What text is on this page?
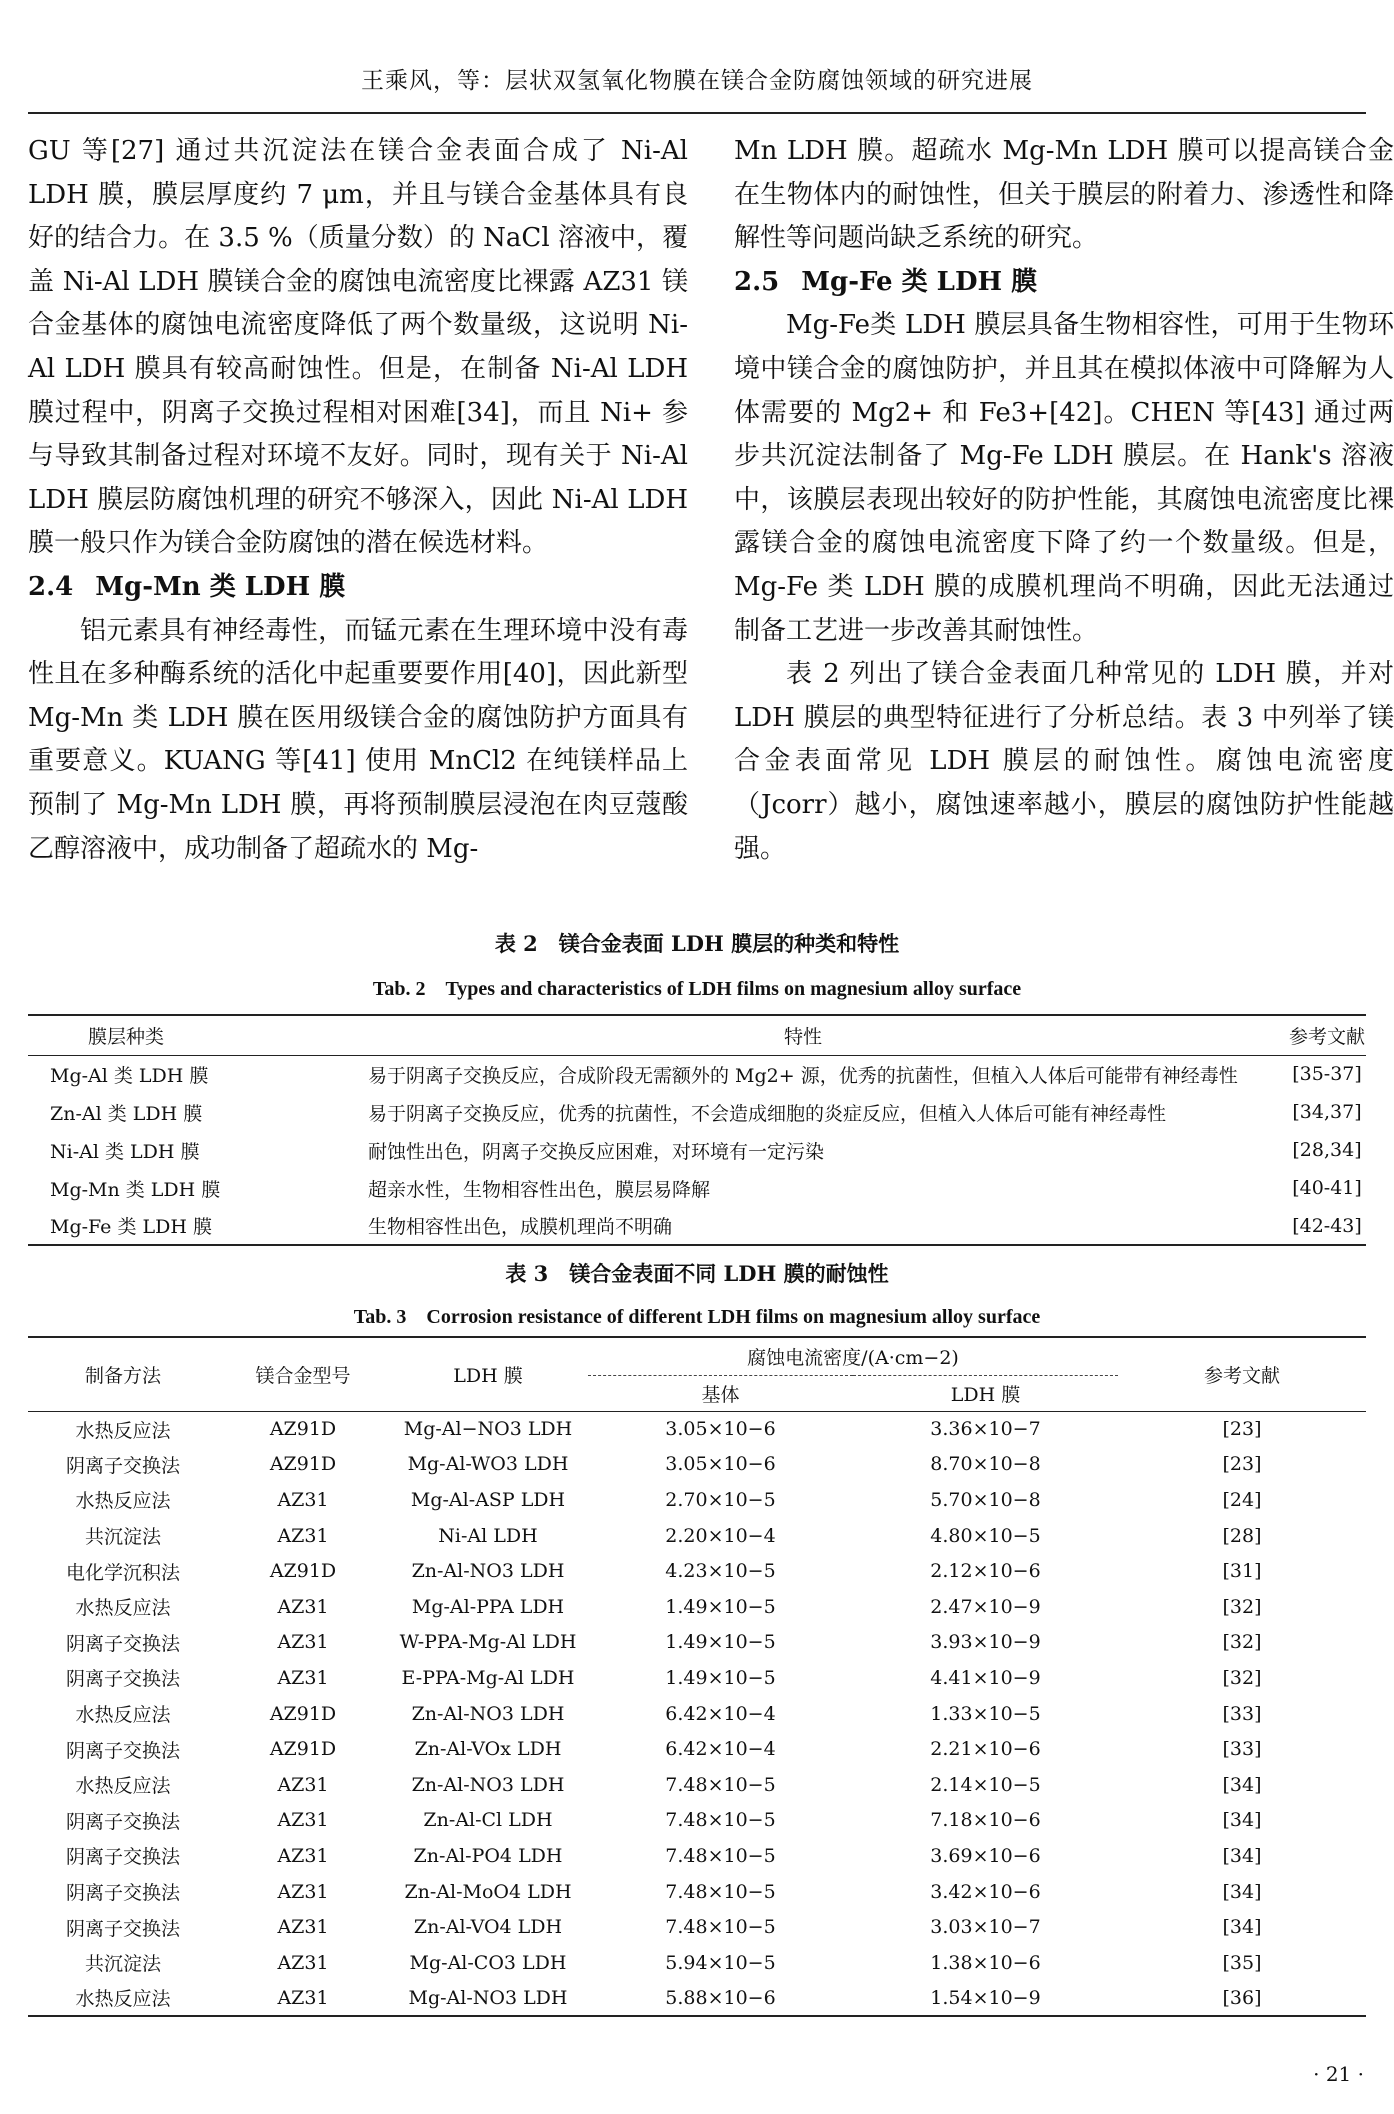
王乘风，等：层状双氢氧化物膜在镁合金防腐蚀领域的研究进展

GU 等[27] 通过共沉淀法在镁合金表面合成了 Ni-Al LDH 膜，膜层厚度约 7 μm，并且与镁合金基体具有良好的结合力。在 3.5 %（质量分数）的 NaCl 溶液中，覆盖 Ni-Al LDH 膜镁合金的腐蚀电流密度比裸露 AZ31 镁合金基体的腐蚀电流密度降低了两个数量级，这说明 Ni-Al LDH 膜具有较高耐蚀性。但是，在制备 Ni-Al LDH 膜过程中，阴离子交换过程相对困难[34]，而且 Ni+ 参与导致其制备过程对环境不友好。同时，现有关于 Ni-Al LDH 膜层防腐蚀机理的研究不够深入，因此 Ni-Al LDH 膜一般只作为镁合金防腐蚀的潜在候选材料。

2.4 Mg-Mn 类 LDH 膜

铝元素具有神经毒性，而锰元素在生理环境中没有毒性且在多种酶系统的活化中起重要要作用[40]，因此新型 Mg-Mn 类 LDH 膜在医用级镁合金的腐蚀防护方面具有重要意义。KUANG 等[41] 使用 MnCl2 在纯镁样品上预制了 Mg-Mn LDH 膜，再将预制膜层浸泡在肉豆蔻酸乙醇溶液中，成功制备了超疏水的 Mg-

Mn LDH 膜。超疏水 Mg-Mn LDH 膜可以提高镁合金在生物体内的耐蚀性，但关于膜层的附着力、渗透性和降解性等问题尚缺乏系统的研究。

2.5 Mg-Fe 类 LDH 膜

Mg-Fe类 LDH 膜层具备生物相容性，可用于生物环境中镁合金的腐蚀防护，并且其在模拟体液中可降解为人体需要的 Mg2+ 和 Fe3+[42]。CHEN 等[43] 通过两步共沉淀法制备了 Mg-Fe LDH 膜层。在 Hank's 溶液中，该膜层表现出较好的防护性能，其腐蚀电流密度比裸露镁合金的腐蚀电流密度下降了约一个数量级。但是，Mg-Fe 类 LDH 膜的成膜机理尚不明确，因此无法通过制备工艺进一步改善其耐蚀性。

表 2 列出了镁合金表面几种常见的 LDH 膜，并对 LDH 膜层的典型特征进行了分析总结。表 3 中列举了镁合金表面常见 LDH 膜层的耐蚀性。腐蚀电流密度（Jcorr）越小，腐蚀速率越小，膜层的腐蚀防护性能越强。

表 2　镁合金表面 LDH 膜层的种类和特性
Tab. 2　Types and characteristics of LDH films on magnesium alloy surface
膜层种类	特性	参考文献
Mg-Al 类 LDH 膜	易于阴离子交换反应，合成阶段无需额外的 Mg2+ 源，优秀的抗菌性，但植入人体后可能带有神经毒性	[35-37]
Zn-Al 类 LDH 膜	易于阴离子交换反应，优秀的抗菌性，不会造成细胞的炎症反应，但植入人体后可能有神经毒性	[34,37]
Ni-Al 类 LDH 膜	耐蚀性出色，阴离子交换反应困难，对环境有一定污染	[28,34]
Mg-Mn 类 LDH 膜	超亲水性，生物相容性出色，膜层易降解	[40-41]
Mg-Fe 类 LDH 膜	生物相容性出色，成膜机理尚不明确	[42-43]
表 3　镁合金表面不同 LDH 膜的耐蚀性
Tab. 3　Corrosion resistance of different LDH films on magnesium alloy surface
制备方法	镁合金型号	LDH 膜	腐蚀电流密度/(A·cm−2)		参考文献
			基体	LDH 膜	
水热反应法	AZ91D	Mg-Al−NO3 LDH	3.05×10−6	3.36×10−7	[23]
阴离子交换法	AZ91D	Mg-Al-WO3 LDH	3.05×10−6	8.70×10−8	[23]
水热反应法	AZ31	Mg-Al-ASP LDH	2.70×10−5	5.70×10−8	[24]
共沉淀法	AZ31	Ni-Al LDH	2.20×10−4	4.80×10−5	[28]
电化学沉积法	AZ91D	Zn-Al-NO3 LDH	4.23×10−5	2.12×10−6	[31]
水热反应法	AZ31	Mg-Al-PPA LDH	1.49×10−5	2.47×10−9	[32]
阴离子交换法	AZ31	W-PPA-Mg-Al LDH	1.49×10−5	3.93×10−9	[32]
阴离子交换法	AZ31	E-PPA-Mg-Al LDH	1.49×10−5	4.41×10−9	[32]
水热反应法	AZ91D	Zn-Al-NO3 LDH	6.42×10−4	1.33×10−5	[33]
阴离子交换法	AZ91D	Zn-Al-VOx LDH	6.42×10−4	2.21×10−6	[33]
水热反应法	AZ31	Zn-Al-NO3 LDH	7.48×10−5	2.14×10−5	[34]
阴离子交换法	AZ31	Zn-Al-Cl LDH	7.48×10−5	7.18×10−6	[34]
阴离子交换法	AZ31	Zn-Al-PO4 LDH	7.48×10−5	3.69×10−6	[34]
阴离子交换法	AZ31	Zn-Al-MoO4 LDH	7.48×10−5	3.42×10−6	[34]
阴离子交换法	AZ31	Zn-Al-VO4 LDH	7.48×10−5	3.03×10−7	[34]
共沉淀法	AZ31	Mg-Al-CO3 LDH	5.94×10−5	1.38×10−6	[35]
水热反应法	AZ31	Mg-Al-NO3 LDH	5.88×10−6	1.54×10−9	[36]
· 21 ·
